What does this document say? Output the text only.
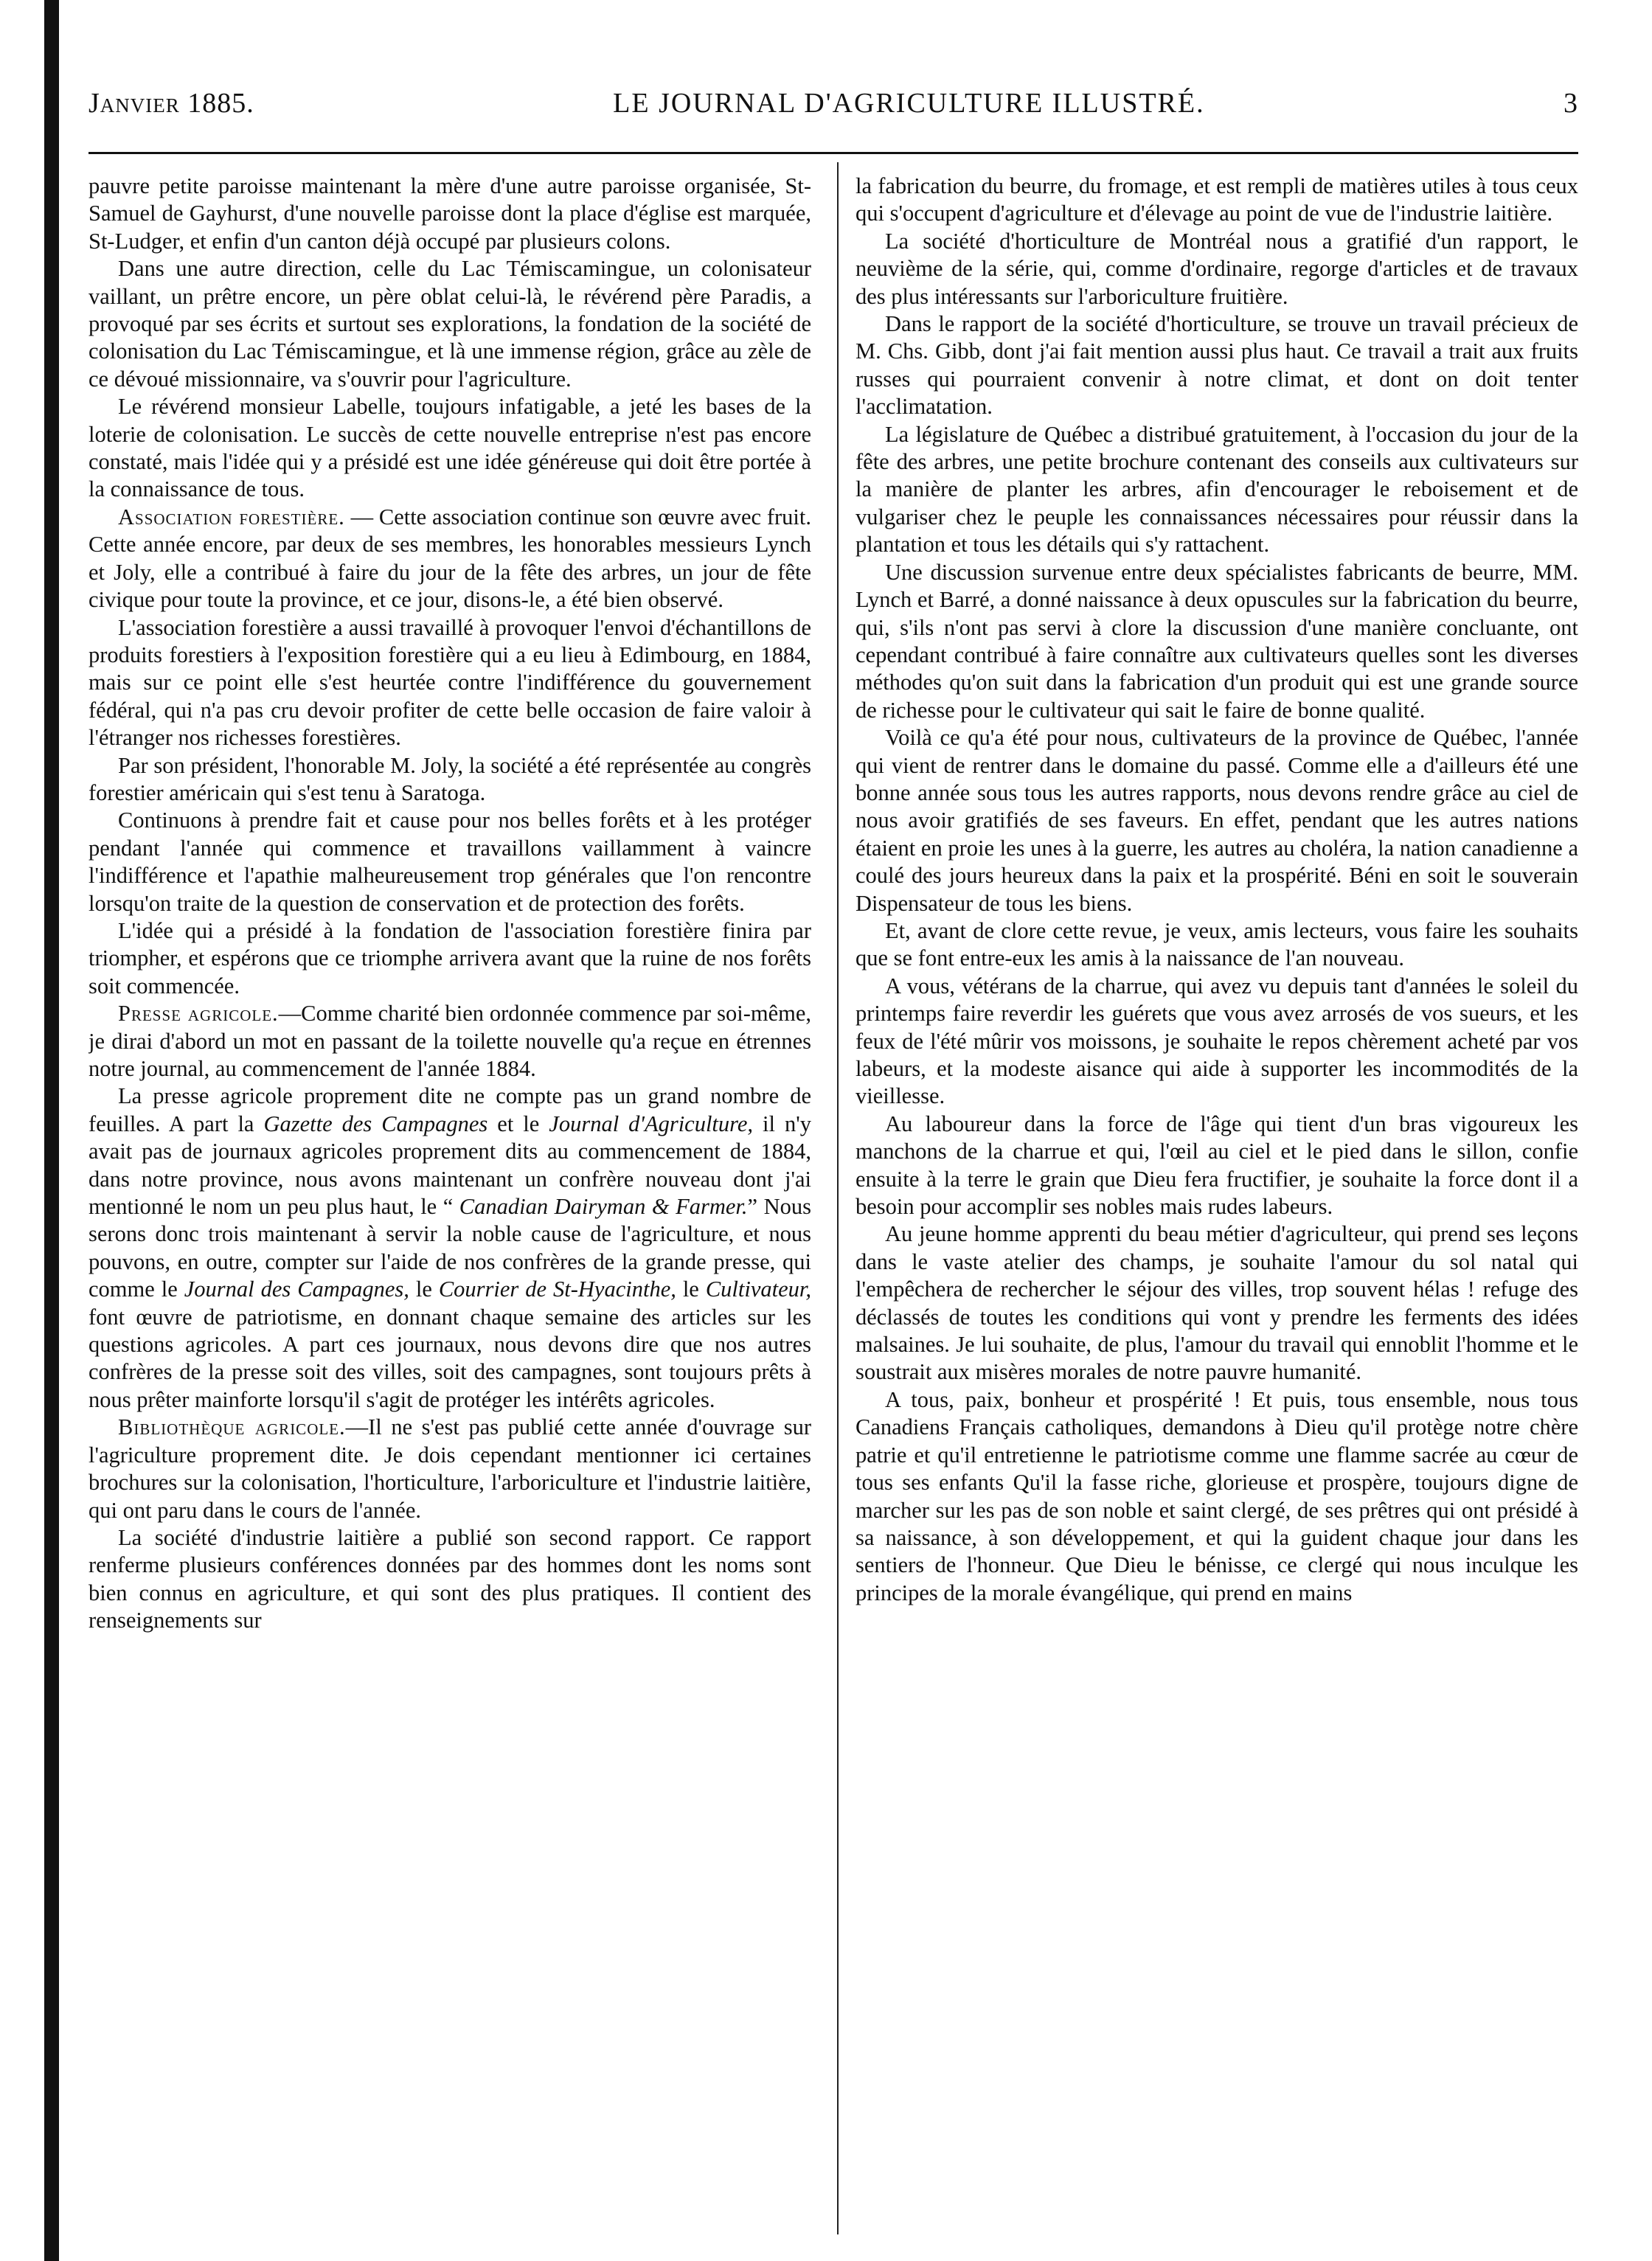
Janvier 1885.	LE JOURNAL D'AGRICULTURE ILLUSTRÉ.	3

pauvre petite paroisse maintenant la mère d'une autre paroisse organisée, St-Samuel de Gayhurst, d'une nouvelle paroisse dont la place d'église est marquée, St-Ludger, et enfin d'un canton déjà occupé par plusieurs colons.

Dans une autre direction, celle du Lac Témiscamingue, un colonisateur vaillant, un prêtre encore, un père oblat celui-là, le révérend père Paradis, a provoqué par ses écrits et surtout ses explorations, la fondation de la société de colonisation du Lac Témiscamingue, et là une immense région, grâce au zèle de ce dévoué missionnaire, va s'ouvrir pour l'agriculture.

Le révérend monsieur Labelle, toujours infatigable, a jeté les bases de la loterie de colonisation. Le succès de cette nouvelle entreprise n'est pas encore constaté, mais l'idée qui y a présidé est une idée généreuse qui doit être portée à la connaissance de tous.

Association forestière. — Cette association continue son œuvre avec fruit. Cette année encore, par deux de ses membres, les honorables messieurs Lynch et Joly, elle a contribué à faire du jour de la fête des arbres, un jour de fête civique pour toute la province, et ce jour, disons-le, a été bien observé.

L'association forestière a aussi travaillé à provoquer l'envoi d'échantillons de produits forestiers à l'exposition forestière qui a eu lieu à Edimbourg, en 1884, mais sur ce point elle s'est heurtée contre l'indifférence du gouvernement fédéral, qui n'a pas cru devoir profiter de cette belle occasion de faire valoir à l'étranger nos richesses forestières.

Par son président, l'honorable M. Joly, la société a été représentée au congrès forestier américain qui s'est tenu à Saratoga.

Continuons à prendre fait et cause pour nos belles forêts et à les protéger pendant l'année qui commence et travaillons vaillamment à vaincre l'indifférence et l'apathie malheureusement trop générales que l'on rencontre lorsqu'on traite de la question de conservation et de protection des forêts.

L'idée qui a présidé à la fondation de l'association forestière finira par triompher, et espérons que ce triomphe arrivera avant que la ruine de nos forêts soit commencée.

Presse agricole.—Comme charité bien ordonnée commence par soi-même, je dirai d'abord un mot en passant de la toilette nouvelle qu'a reçue en étrennes notre journal, au commencement de l'année 1884.

La presse agricole proprement dite ne compte pas un grand nombre de feuilles. A part la Gazette des Campagnes et le Journal d'Agriculture, il n'y avait pas de journaux agricoles proprement dits au commencement de 1884, dans notre province, nous avons maintenant un confrère nouveau dont j'ai mentionné le nom un peu plus haut, le “ Canadian Dairyman & Farmer.” Nous serons donc trois maintenant à servir la noble cause de l'agriculture, et nous pouvons, en outre, compter sur l'aide de nos confrères de la grande presse, qui comme le Journal des Campagnes, le Courrier de St-Hyacinthe, le Cultivateur, font œuvre de patriotisme, en donnant chaque semaine des articles sur les questions agricoles. A part ces journaux, nous devons dire que nos autres confrères de la presse soit des villes, soit des campagnes, sont toujours prêts à nous prêter mainforte lorsqu'il s'agit de protéger les intérêts agricoles.

Bibliothèque agricole.—Il ne s'est pas publié cette année d'ouvrage sur l'agriculture proprement dite. Je dois cependant mentionner ici certaines brochures sur la colonisation, l'horticulture, l'arboriculture et l'industrie laitière, qui ont paru dans le cours de l'année.

La société d'industrie laitière a publié son second rapport. Ce rapport renferme plusieurs conférences données par des hommes dont les noms sont bien connus en agriculture, et qui sont des plus pratiques. Il contient des renseignements sur

la fabrication du beurre, du fromage, et est rempli de matières utiles à tous ceux qui s'occupent d'agriculture et d'élevage au point de vue de l'industrie laitière.

La société d'horticulture de Montréal nous a gratifié d'un rapport, le neuvième de la série, qui, comme d'ordinaire, regorge d'articles et de travaux des plus intéressants sur l'arboriculture fruitière.

Dans le rapport de la société d'horticulture, se trouve un travail précieux de M. Chs. Gibb, dont j'ai fait mention aussi plus haut. Ce travail a trait aux fruits russes qui pourraient convenir à notre climat, et dont on doit tenter l'acclimatation.

La législature de Québec a distribué gratuitement, à l'occasion du jour de la fête des arbres, une petite brochure contenant des conseils aux cultivateurs sur la manière de planter les arbres, afin d'encourager le reboisement et de vulgariser chez le peuple les connaissances nécessaires pour réussir dans la plantation et tous les détails qui s'y rattachent.

Une discussion survenue entre deux spécialistes fabricants de beurre, MM. Lynch et Barré, a donné naissance à deux opuscules sur la fabrication du beurre, qui, s'ils n'ont pas servi à clore la discussion d'une manière concluante, ont cependant contribué à faire connaître aux cultivateurs quelles sont les diverses méthodes qu'on suit dans la fabrication d'un produit qui est une grande source de richesse pour le cultivateur qui sait le faire de bonne qualité.

Voilà ce qu'a été pour nous, cultivateurs de la province de Québec, l'année qui vient de rentrer dans le domaine du passé. Comme elle a d'ailleurs été une bonne année sous tous les autres rapports, nous devons rendre grâce au ciel de nous avoir gratifiés de ses faveurs. En effet, pendant que les autres nations étaient en proie les unes à la guerre, les autres au choléra, la nation canadienne a coulé des jours heureux dans la paix et la prospérité. Béni en soit le souverain Dispensateur de tous les biens.

Et, avant de clore cette revue, je veux, amis lecteurs, vous faire les souhaits que se font entre-eux les amis à la naissance de l'an nouveau.

A vous, vétérans de la charrue, qui avez vu depuis tant d'années le soleil du printemps faire reverdir les guérets que vous avez arrosés de vos sueurs, et les feux de l'été mûrir vos moissons, je souhaite le repos chèrement acheté par vos labeurs, et la modeste aisance qui aide à supporter les incommodités de la vieillesse.

Au laboureur dans la force de l'âge qui tient d'un bras vigoureux les manchons de la charrue et qui, l'œil au ciel et le pied dans le sillon, confie ensuite à la terre le grain que Dieu fera fructifier, je souhaite la force dont il a besoin pour accomplir ses nobles mais rudes labeurs.

Au jeune homme apprenti du beau métier d'agriculteur, qui prend ses leçons dans le vaste atelier des champs, je souhaite l'amour du sol natal qui l'empêchera de rechercher le séjour des villes, trop souvent hélas ! refuge des déclassés de toutes les conditions qui vont y prendre les ferments des idées malsaines. Je lui souhaite, de plus, l'amour du travail qui ennoblit l'homme et le soustrait aux misères morales de notre pauvre humanité.

A tous, paix, bonheur et prospérité ! Et puis, tous ensemble, nous tous Canadiens Français catholiques, demandons à Dieu qu'il protège notre chère patrie et qu'il entretienne le patriotisme comme une flamme sacrée au cœur de tous ses enfants Qu'il la fasse riche, glorieuse et prospère, toujours digne de marcher sur les pas de son noble et saint clergé, de ses prêtres qui ont présidé à sa naissance, à son développement, et qui la guident chaque jour dans les sentiers de l'honneur. Que Dieu le bénisse, ce clergé qui nous inculque les principes de la morale évangélique, qui prend en mains
